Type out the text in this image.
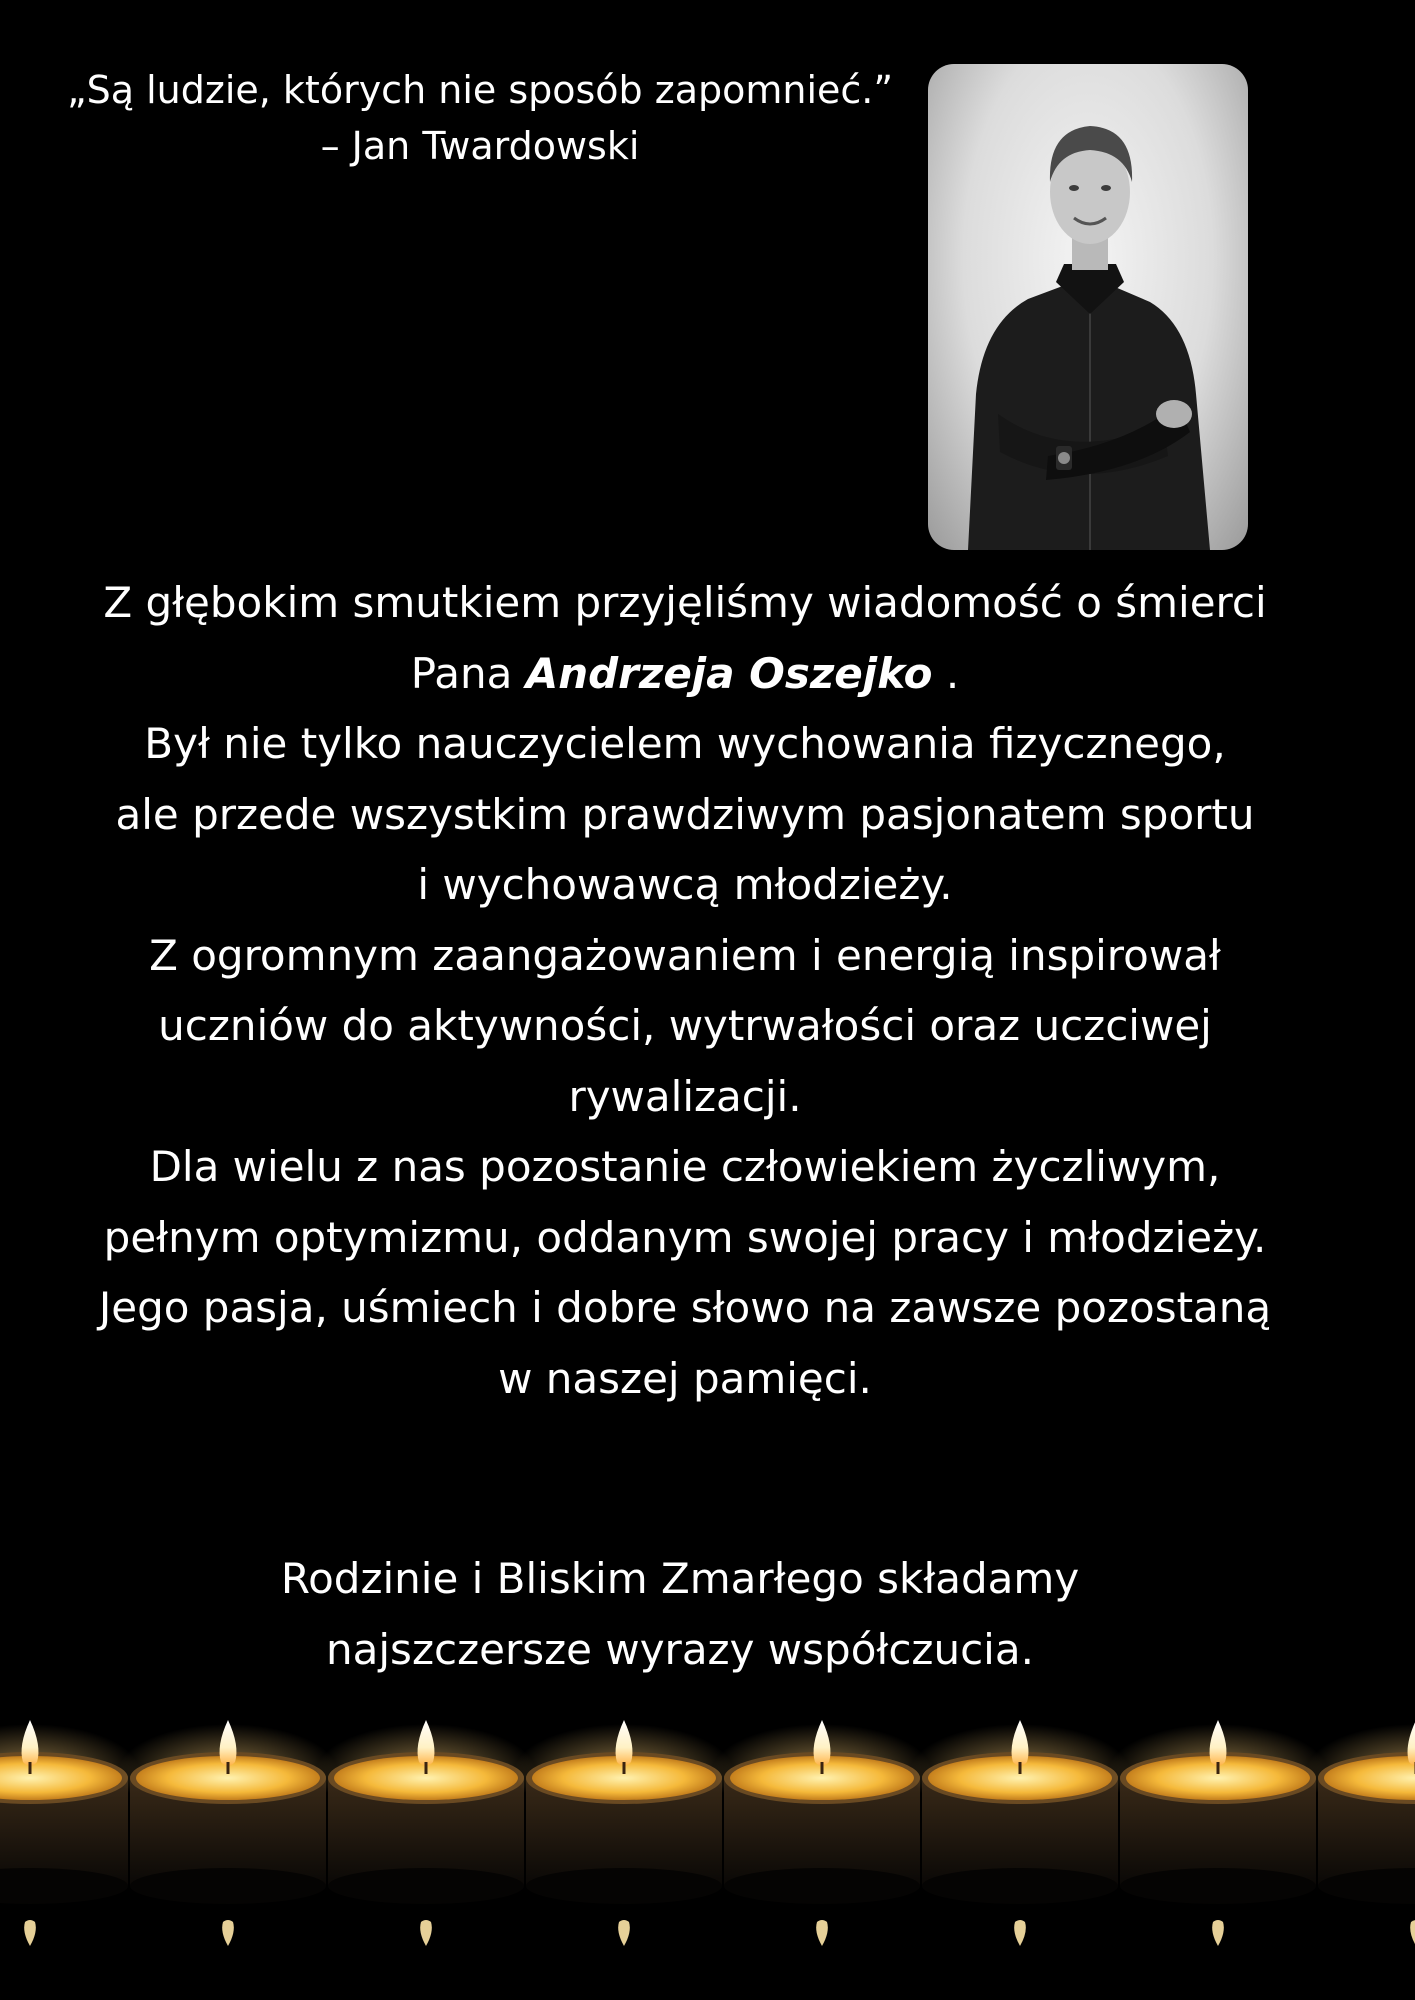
„Są ludzie, których nie sposób zapomnieć.”
– Jan Twardowski
Z głębokim smutkiem przyjęliśmy wiadomość o śmierci
Pana Andrzeja Oszejko .
Był nie tylko nauczycielem wychowania fizycznego,
ale przede wszystkim prawdziwym pasjonatem sportu
i wychowawcą młodzieży.
Z ogromnym zaangażowaniem i energią inspirował
uczniów do aktywności, wytrwałości oraz uczciwej
rywalizacji.
Dla wielu z nas pozostanie człowiekiem życzliwym,
pełnym optymizmu, oddanym swojej pracy i młodzieży.
Jego pasja, uśmiech i dobre słowo na zawsze pozostaną
w naszej pamięci.
Rodzinie i Bliskim Zmarłego składamy
najszczersze wyrazy współczucia.
